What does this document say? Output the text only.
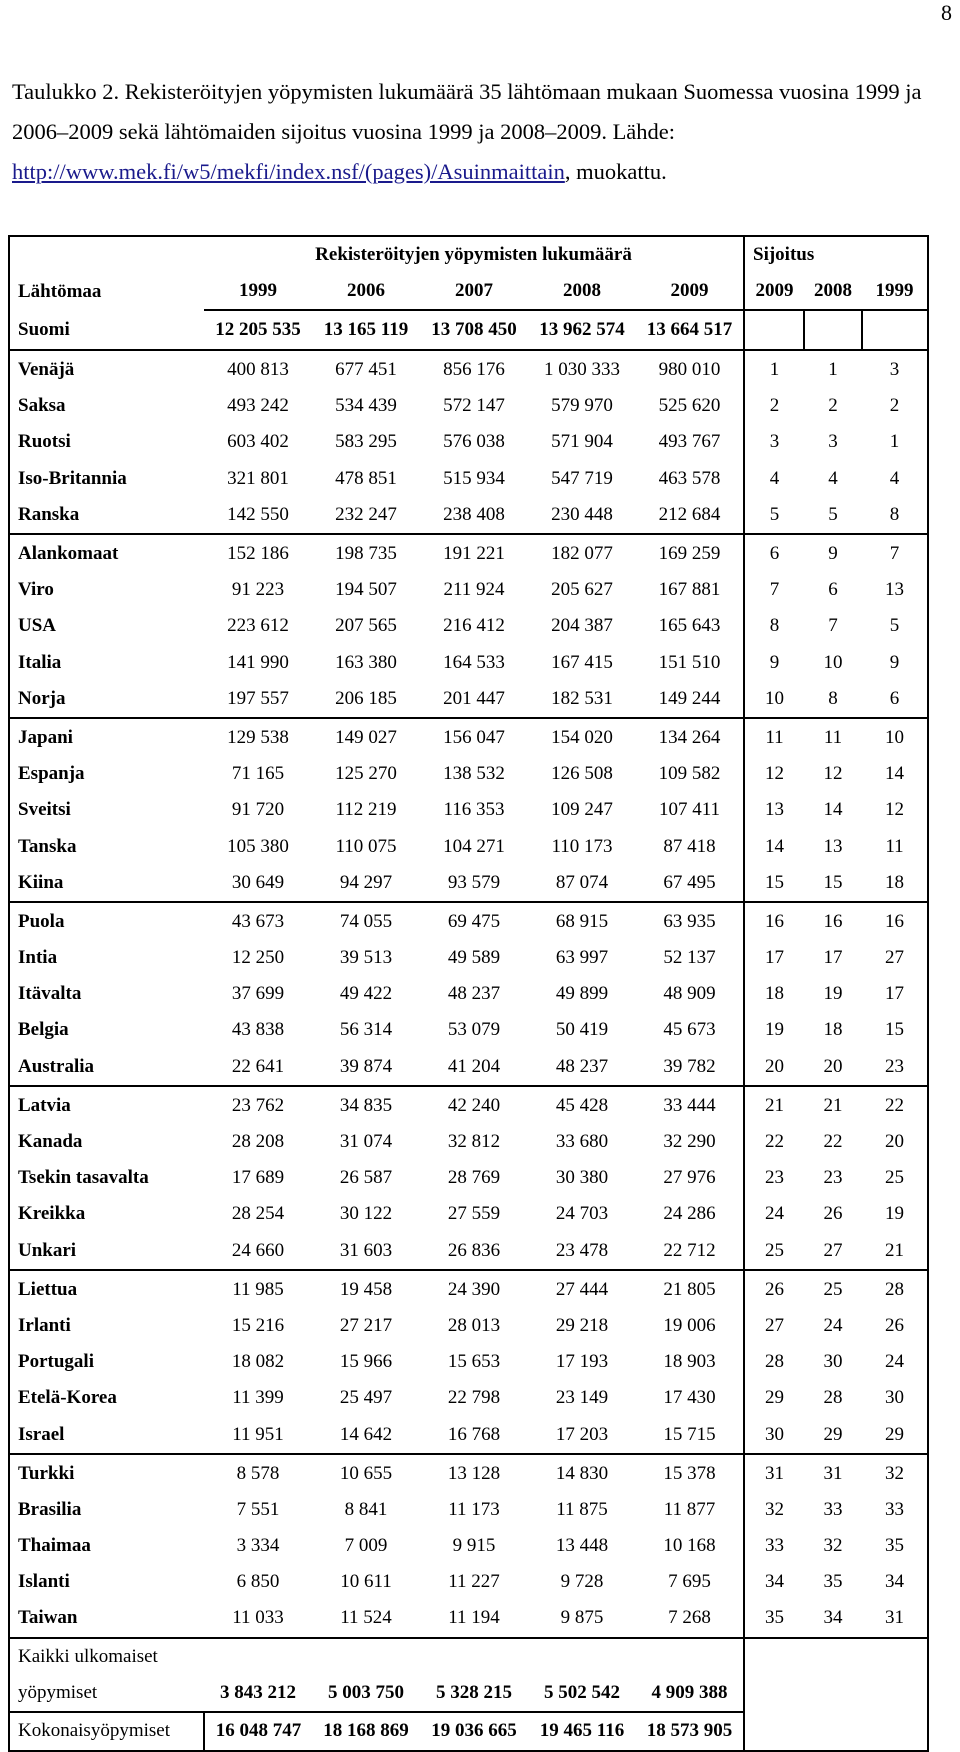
8
Taulukko 2. Rekisteröityjen yöpymisten lukumäärä 35 lähtömaan mukaan Suomessa vuosina 1999 ja 2006–2009 sekä lähtömaiden sijoitus vuosina 1999 ja 2008–2009. Lähde:
http://www.mek.fi/w5/mekfi/index.nsf/(pages)/Asuinmaittain, muokattu.
	Rekisteröityjen yöpymisten lukumäärä					Sijoitus		
Lähtömaa	1999	2006	2007	2008	2009	2009	2008	1999
Suomi	12 205 535	13 165 119	13 708 450	13 962 574	13 664 517			
Venäjä	400 813	677 451	856 176	1 030 333	980 010	1	1	3
Saksa	493 242	534 439	572 147	579 970	525 620	2	2	2
Ruotsi	603 402	583 295	576 038	571 904	493 767	3	3	1
Iso-Britannia	321 801	478 851	515 934	547 719	463 578	4	4	4
Ranska	142 550	232 247	238 408	230 448	212 684	5	5	8
Alankomaat	152 186	198 735	191 221	182 077	169 259	6	9	7
Viro	91 223	194 507	211 924	205 627	167 881	7	6	13
USA	223 612	207 565	216 412	204 387	165 643	8	7	5
Italia	141 990	163 380	164 533	167 415	151 510	9	10	9
Norja	197 557	206 185	201 447	182 531	149 244	10	8	6
Japani	129 538	149 027	156 047	154 020	134 264	11	11	10
Espanja	71 165	125 270	138 532	126 508	109 582	12	12	14
Sveitsi	91 720	112 219	116 353	109 247	107 411	13	14	12
Tanska	105 380	110 075	104 271	110 173	87 418	14	13	11
Kiina	30 649	94 297	93 579	87 074	67 495	15	15	18
Puola	43 673	74 055	69 475	68 915	63 935	16	16	16
Intia	12 250	39 513	49 589	63 997	52 137	17	17	27
Itävalta	37 699	49 422	48 237	49 899	48 909	18	19	17
Belgia	43 838	56 314	53 079	50 419	45 673	19	18	15
Australia	22 641	39 874	41 204	48 237	39 782	20	20	23
Latvia	23 762	34 835	42 240	45 428	33 444	21	21	22
Kanada	28 208	31 074	32 812	33 680	32 290	22	22	20
Tsekin tasavalta	17 689	26 587	28 769	30 380	27 976	23	23	25
Kreikka	28 254	30 122	27 559	24 703	24 286	24	26	19
Unkari	24 660	31 603	26 836	23 478	22 712	25	27	21
Liettua	11 985	19 458	24 390	27 444	21 805	26	25	28
Irlanti	15 216	27 217	28 013	29 218	19 006	27	24	26
Portugali	18 082	15 966	15 653	17 193	18 903	28	30	24
Etelä-Korea	11 399	25 497	22 798	23 149	17 430	29	28	30
Israel	11 951	14 642	16 768	17 203	15 715	30	29	29
Turkki	8 578	10 655	13 128	14 830	15 378	31	31	32
Brasilia	7 551	8 841	11 173	11 875	11 877	32	33	33
Thaimaa	3 334	7 009	9 915	13 448	10 168	33	32	35
Islanti	6 850	10 611	11 227	9 728	7 695	34	35	34
Taiwan	11 033	11 524	11 194	9 875	7 268	35	34	31
Kaikki ulkomaiset								
yöpymiset	3 843 212	5 003 750	5 328 215	5 502 542	4 909 388			
Kokonaisyöpymiset	16 048 747	18 168 869	19 036 665	19 465 116	18 573 905			
